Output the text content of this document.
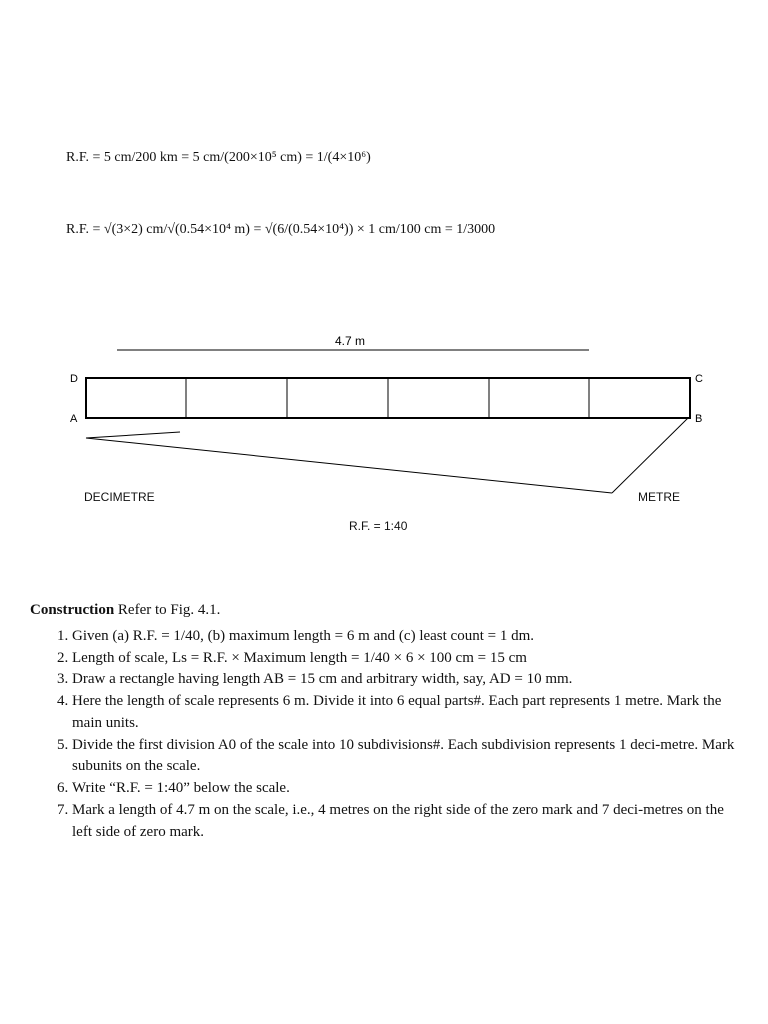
R.F. = 5 cm/200 km = 5 cm/(200×10⁵ cm) = 1/(4×10⁶)
R.F. = √(3×2) cm/√(0.54×10⁴ m) = √(6/(0.54×10⁴)) × 1 cm/100 cm = 1/3000
4.7 m
D	C
A	B
DECIMETRE	METRE
R.F. = 1:40
Construction Refer to Fig. 4.1.
1. Given (a) R.F. = 1/40, (b) maximum length = 6 m and (c) least count = 1 dm.
2. Length of scale, Ls = R.F. × Maximum length = 1/40 × 6 × 100 cm = 15 cm
3. Draw a rectangle having length AB = 15 cm and arbitrary width, say, AD = 10 mm.
4. Here the length of scale represents 6 m. Divide it into 6 equal parts#. Each part represents 1 metre. Mark the main units.
5. Divide the first division A0 of the scale into 10 subdivisions#. Each subdivision represents 1 deci-metre. Mark subunits on the scale.
6. Write “R.F. = 1:40” below the scale.
7. Mark a length of 4.7 m on the scale, i.e., 4 metres on the right side of the zero mark and 7 deci-metres on the left side of zero mark.
